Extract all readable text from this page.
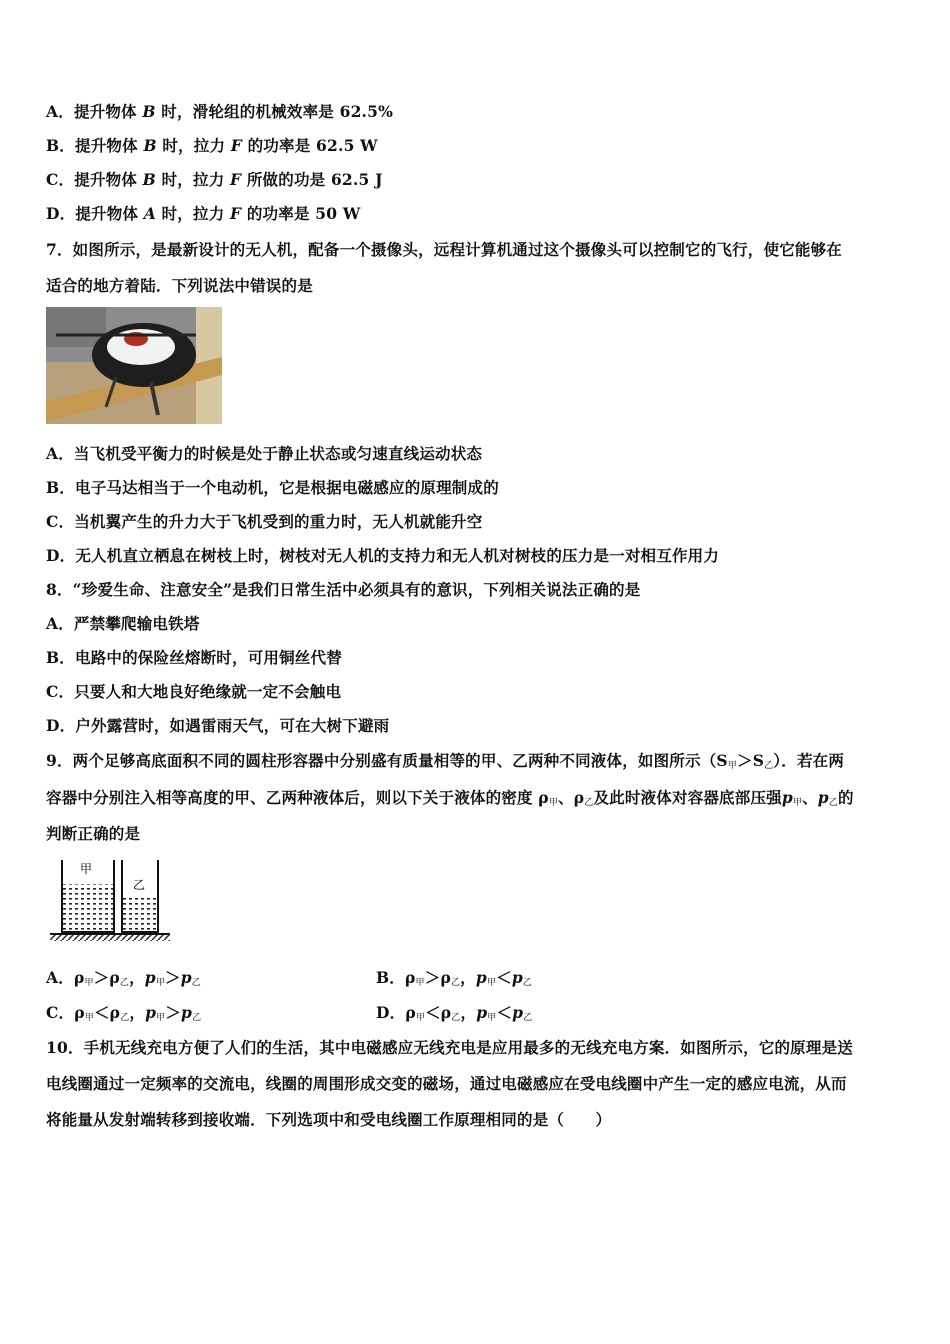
A．提升物体 B 时，滑轮组的机械效率是 62.5%
B．提升物体 B 时，拉力 F 的功率是 62.5 W
C．提升物体 B 时，拉力 F 所做的功是 62.5 J
D．提升物体 A 时，拉力 F 的功率是 50 W
7．如图所示，是最新设计的无人机，配备一个摄像头，远程计算机通过这个摄像头可以控制它的飞行，使它能够在
适合的地方着陆．下列说法中错误的是
A．当飞机受平衡力的时候是处于静止状态或匀速直线运动状态
B．电子马达相当于一个电动机，它是根据电磁感应的原理制成的
C．当机翼产生的升力大于飞机受到的重力时，无人机就能升空
D．无人机直立栖息在树枝上时，树枝对无人机的支持力和无人机对树枝的压力是一对相互作用力
8．“珍爱生命、注意安全”是我们日常生活中必须具有的意识，下列相关说法正确的是
A．严禁攀爬输电铁塔
B．电路中的保险丝熔断时，可用铜丝代替
C．只要人和大地良好绝缘就一定不会触电
D．户外露营时，如遇雷雨天气，可在大树下避雨
9．两个足够高底面积不同的圆柱形容器中分别盛有质量相等的甲、乙两种不同液体，如图所示$(S_甲>S_乙)$．若在两
容器中分别注入相等高度的甲、乙两种液体后，则以下关于液体的密度 $\rho_甲$、$\rho_乙$及此时液体对容器底部压强$p_甲$、$p_乙$的
判断正确的是
甲
乙
A．$\rho_甲>\rho_乙$，$p_甲>p_乙$	B．$\rho_甲>\rho_乙$，$p_甲<p_乙$
C．$\rho_甲<\rho_乙$，$p_甲>p_乙$	D．$\rho_甲<\rho_乙$，$p_甲<p_乙$
10．手机无线充电方便了人们的生活，其中电磁感应无线充电是应用最多的无线充电方案．如图所示，它的原理是送
电线圈通过一定频率的交流电，线圈的周围形成交变的磁场，通过电磁感应在受电线圈中产生一定的感应电流，从而
将能量从发射端转移到接收端．下列选项中和受电线圈工作原理相同的是（　　）
